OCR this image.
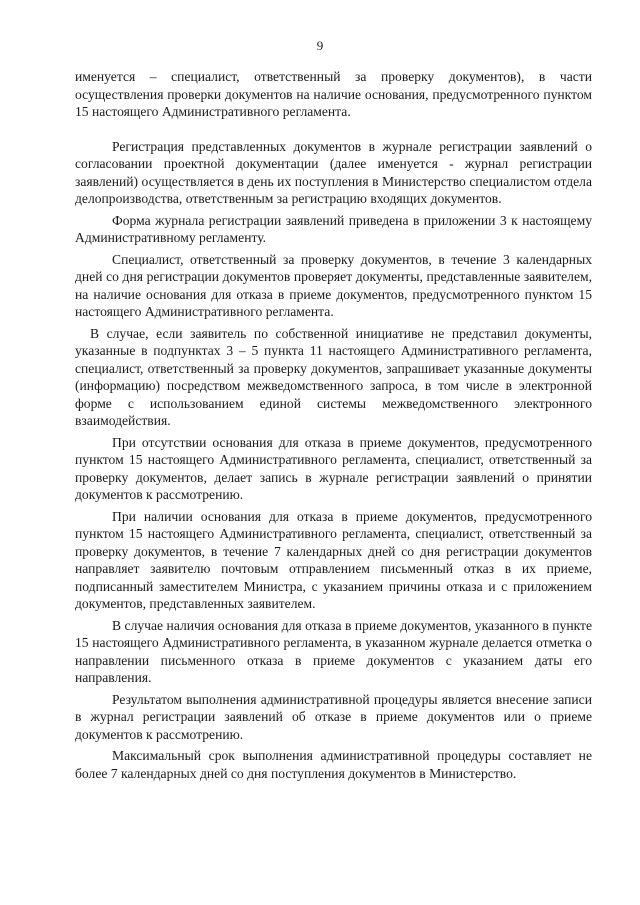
9

именуется – специалист, ответственный за проверку документов), в части осуществления проверки документов на наличие основания, предусмотренного пунктом 15 настоящего Административного регламента.

Регистрация представленных документов в журнале регистрации заявлений о согласовании проектной документации (далее именуется - журнал регистрации заявлений) осуществляется в день их поступления в Министерство специалистом отдела делопроизводства, ответственным за регистрацию входящих документов.

Форма журнала регистрации заявлений приведена в приложении 3 к настоящему Административному регламенту.

Специалист, ответственный за проверку документов, в течение 3 календарных дней со дня регистрации документов проверяет документы, представленные заявителем, на наличие основания для отказа в приеме документов, предусмотренного пунктом 15 настоящего Административного регламента.

В случае, если заявитель по собственной инициативе не представил документы, указанные в подпунктах 3 – 5 пункта 11 настоящего Административного регламента, специалист, ответственный за проверку документов, запрашивает указанные документы (информацию) посредством межведомственного запроса, в том числе в электронной форме с использованием единой системы межведомственного электронного взаимодействия.

При отсутствии основания для отказа в приеме документов, предусмотренного пунктом 15 настоящего Административного регламента, специалист, ответственный за проверку документов, делает запись в журнале регистрации заявлений о принятии документов к рассмотрению.

При наличии основания для отказа в приеме документов, предусмотренного пунктом 15 настоящего Административного регламента, специалист, ответственный за проверку документов, в течение 7 календарных дней со дня регистрации документов направляет заявителю почтовым отправлением письменный отказ в их приеме, подписанный заместителем Министра, с указанием причины отказа и с приложением документов, представленных заявителем.

В случае наличия основания для отказа в приеме документов, указанного в пункте 15 настоящего Административного регламента, в указанном журнале делается отметка о направлении письменного отказа в приеме документов с указанием даты его направления.

Результатом выполнения административной процедуры является внесение записи в журнал регистрации заявлений об отказе в приеме документов или о приеме документов к рассмотрению.

Максимальный срок выполнения административной процедуры составляет не более 7 календарных дней со дня поступления документов в Министерство.
